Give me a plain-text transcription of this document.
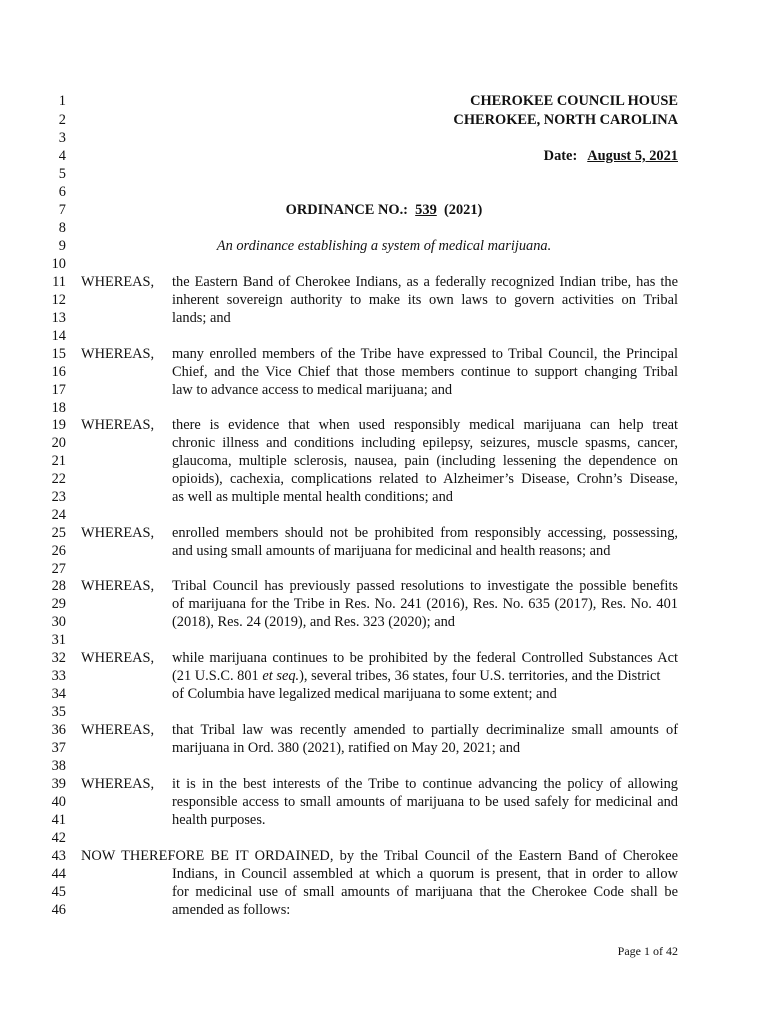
1
2
3
4
5
6
7
8
9
10
11
12
13
14
15
16
17
18
19
20
21
22
23
24
25
26
27
28
29
30
31
32
33
34
35
36
37
38
39
40
41
42
43
44
45
46
CHEROKEE COUNCIL HOUSE
CHEROKEE, NORTH CAROLINA
Date: August 5, 2021
ORDINANCE NO.: 539 (2021)
An ordinance establishing a system of medical marijuana.
WHEREAS, the Eastern Band of Cherokee Indians, as a federally recognized Indian tribe, has the
inherent sovereign authority to make its own laws to govern activities on Tribal
lands; and
WHEREAS, many enrolled members of the Tribe have expressed to Tribal Council, the Principal
Chief, and the Vice Chief that those members continue to support changing Tribal
law to advance access to medical marijuana; and
WHEREAS, there is evidence that when used responsibly medical marijuana can help treat
chronic illness and conditions including epilepsy, seizures, muscle spasms, cancer,
glaucoma, multiple sclerosis, nausea, pain (including lessening the dependence on
opioids), cachexia, complications related to Alzheimer’s Disease, Crohn’s Disease,
as well as multiple mental health conditions; and
WHEREAS, enrolled members should not be prohibited from responsibly accessing, possessing,
and using small amounts of marijuana for medicinal and health reasons; and
WHEREAS, Tribal Council has previously passed resolutions to investigate the possible benefits
of marijuana for the Tribe in Res. No. 241 (2016), Res. No. 635 (2017), Res. No. 401
(2018), Res. 24 (2019), and Res. 323 (2020); and
WHEREAS, while marijuana continues to be prohibited by the federal Controlled Substances Act
(21 U.S.C. 801 et seq.), several tribes, 36 states, four U.S. territories, and the District
of Columbia have legalized medical marijuana to some extent; and
WHEREAS, that Tribal law was recently amended to partially decriminalize small amounts of
marijuana in Ord. 380 (2021), ratified on May 20, 2021; and
WHEREAS, it is in the best interests of the Tribe to continue advancing the policy of allowing
responsible access to small amounts of marijuana to be used safely for medicinal and
health purposes.
NOW THEREFORE BE IT ORDAINED, by the Tribal Council of the Eastern Band of Cherokee
Indians, in Council assembled at which a quorum is present, that in order to allow
for medicinal use of small amounts of marijuana that the Cherokee Code shall be
amended as follows:
Page 1 of 42
